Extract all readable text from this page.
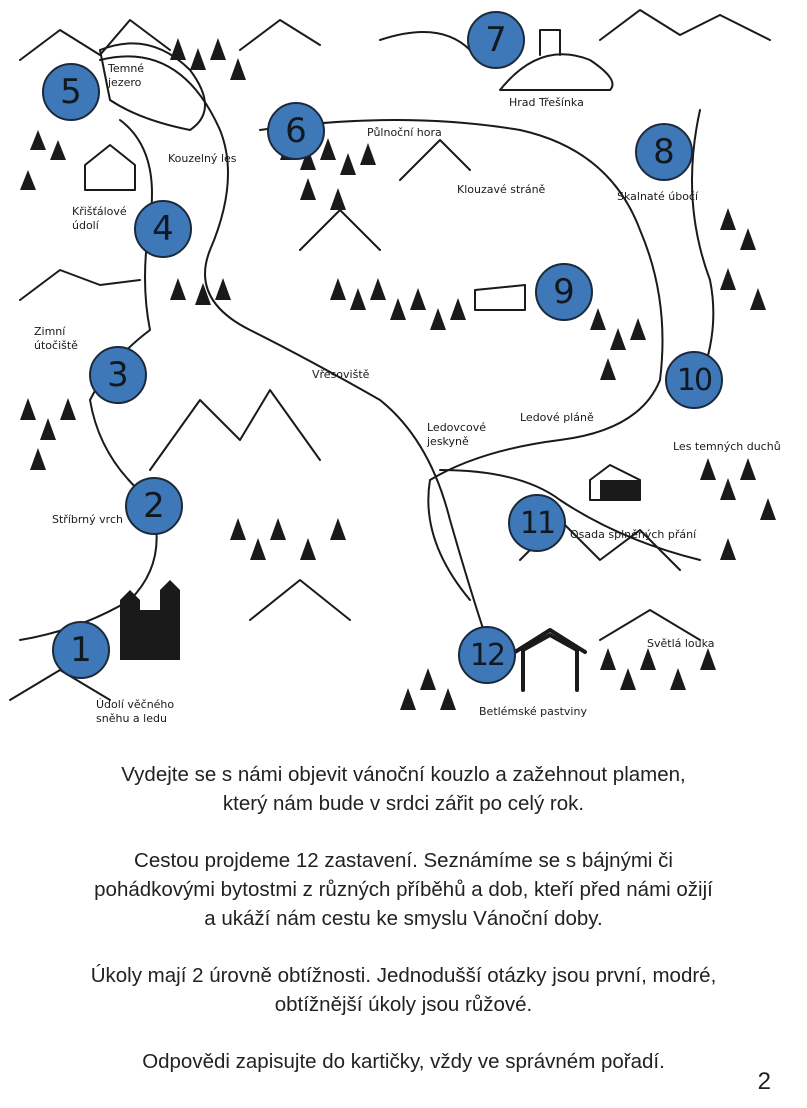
Temné
jezero
Kouzelný les
Křišťálové
údolí
Zimní
útočiště
Stříbrný vrch
Údolí věčného
sněhu a ledu
Půlnoční hora
Hrad Třešínka
Klouzavé stráně
Skalnaté úbočí
Vřesoviště
Ledovcové
jeskyně
Ledové pláně
Les temných duchů
Osada splněných přání
Světlá louka
Betlémské pastviny
1
2
3
4
5
6
7
8
9
10
11
12

Vydejte se s námi objevit vánoční kouzlo a zažehnout plamen,
který nám bude v srdci zářit po celý rok.

Cestou projdeme 12 zastavení. Seznámíme se s bájnými či
pohádkovými bytostmi z různých příběhů a dob, kteří před námi ožijí
a ukáží nám cestu ke smyslu Vánoční doby.

Úkoly mají 2 úrovně obtížnosti. Jednodušší otázky jsou první, modré,
obtížnější úkoly jsou růžové.

Odpovědi zapisujte do kartičky, vždy ve správném pořadí.

2
